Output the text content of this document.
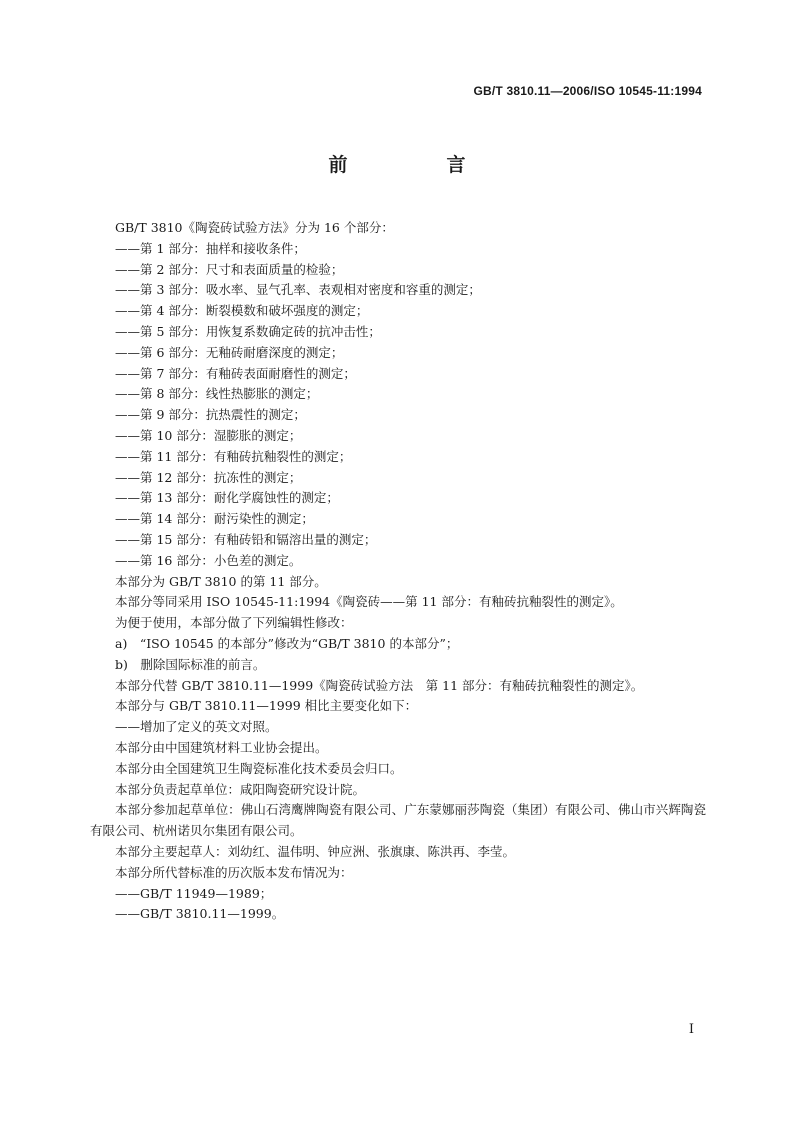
GB/T 3810.11—2006/ISO 10545-11:1994
前　言

GB/T 3810《陶瓷砖试验方法》分为 16 个部分：

——第 1 部分：抽样和接收条件；

——第 2 部分：尺寸和表面质量的检验；

——第 3 部分：吸水率、显气孔率、表观相对密度和容重的测定；

——第 4 部分：断裂模数和破坏强度的测定；

——第 5 部分：用恢复系数确定砖的抗冲击性；

——第 6 部分：无釉砖耐磨深度的测定；

——第 7 部分：有釉砖表面耐磨性的测定；

——第 8 部分：线性热膨胀的测定；

——第 9 部分：抗热震性的测定；

——第 10 部分：湿膨胀的测定；

——第 11 部分：有釉砖抗釉裂性的测定；

——第 12 部分：抗冻性的测定；

——第 13 部分：耐化学腐蚀性的测定；

——第 14 部分：耐污染性的测定；

——第 15 部分：有釉砖铅和镉溶出量的测定；

——第 16 部分：小色差的测定。

本部分为 GB/T 3810 的第 11 部分。

本部分等同采用 ISO 10545-11:1994《陶瓷砖——第 11 部分：有釉砖抗釉裂性的测定》。

为便于使用，本部分做了下列编辑性修改：

a)　“ISO 10545 的本部分”修改为“GB/T 3810 的本部分”；

b)　删除国际标准的前言。

本部分代替 GB/T 3810.11—1999《陶瓷砖试验方法　第 11 部分：有釉砖抗釉裂性的测定》。

本部分与 GB/T 3810.11—1999 相比主要变化如下：

——增加了定义的英文对照。

本部分由中国建筑材料工业协会提出。

本部分由全国建筑卫生陶瓷标准化技术委员会归口。

本部分负责起草单位：咸阳陶瓷研究设计院。

本部分参加起草单位：佛山石湾鹰牌陶瓷有限公司、广东蒙娜丽莎陶瓷（集团）有限公司、佛山市兴辉陶瓷有限公司、杭州诺贝尔集团有限公司。

本部分主要起草人：刘幼红、温伟明、钟应洲、张旗康、陈洪再、李莹。

本部分所代替标准的历次版本发布情况为：

——GB/T 11949—1989；

——GB/T 3810.11—1999。

I
